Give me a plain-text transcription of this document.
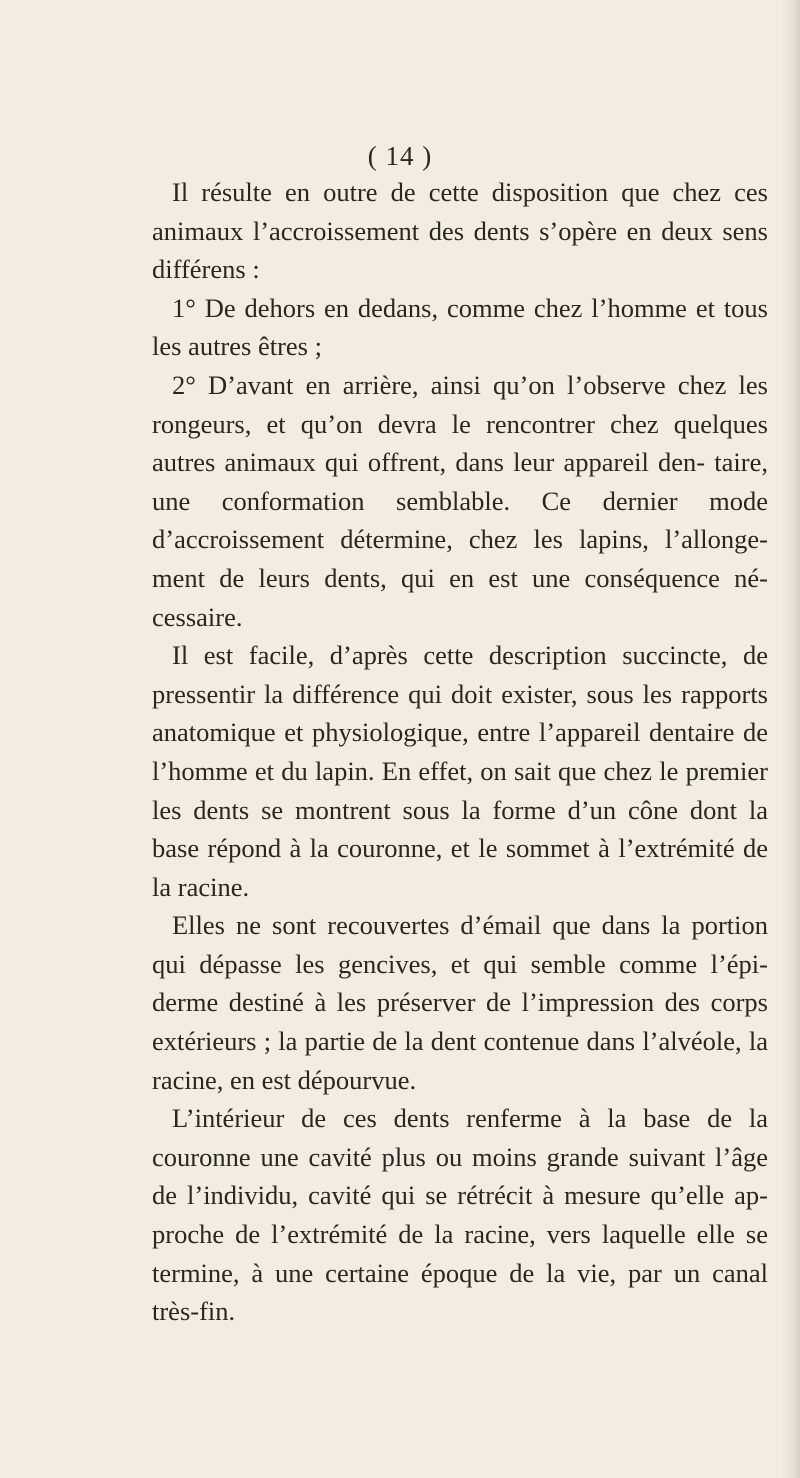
( 14 )

Il résulte en outre de cette disposition que chez ces animaux l’accroissement des dents s’opère en deux sens différens :

1° De dehors en dedans, comme chez l’homme et tous les autres êtres ;

2° D’avant en arrière, ainsi qu’on l’observe chez les rongeurs, et qu’on devra le rencontrer chez quelques autres animaux qui offrent, dans leur appareil den- taire, une conformation semblable. Ce dernier mode d’accroissement détermine, chez les lapins, l’allonge- ment de leurs dents, qui en est une conséquence né- cessaire.

Il est facile, d’après cette description succincte, de pressentir la différence qui doit exister, sous les rapports anatomique et physiologique, entre l’appareil dentaire de l’homme et du lapin. En effet, on sait que chez le premier les dents se montrent sous la forme d’un cône dont la base répond à la couronne, et le sommet à l’extrémité de la racine.

Elles ne sont recouvertes d’émail que dans la portion qui dépasse les gencives, et qui semble comme l’épi- derme destiné à les préserver de l’impression des corps extérieurs ; la partie de la dent contenue dans l’alvéole, la racine, en est dépourvue.

L’intérieur de ces dents renferme à la base de la couronne une cavité plus ou moins grande suivant l’âge de l’individu, cavité qui se rétrécit à mesure qu’elle ap- proche de l’extrémité de la racine, vers laquelle elle se termine, à une certaine époque de la vie, par un canal très-fin.
